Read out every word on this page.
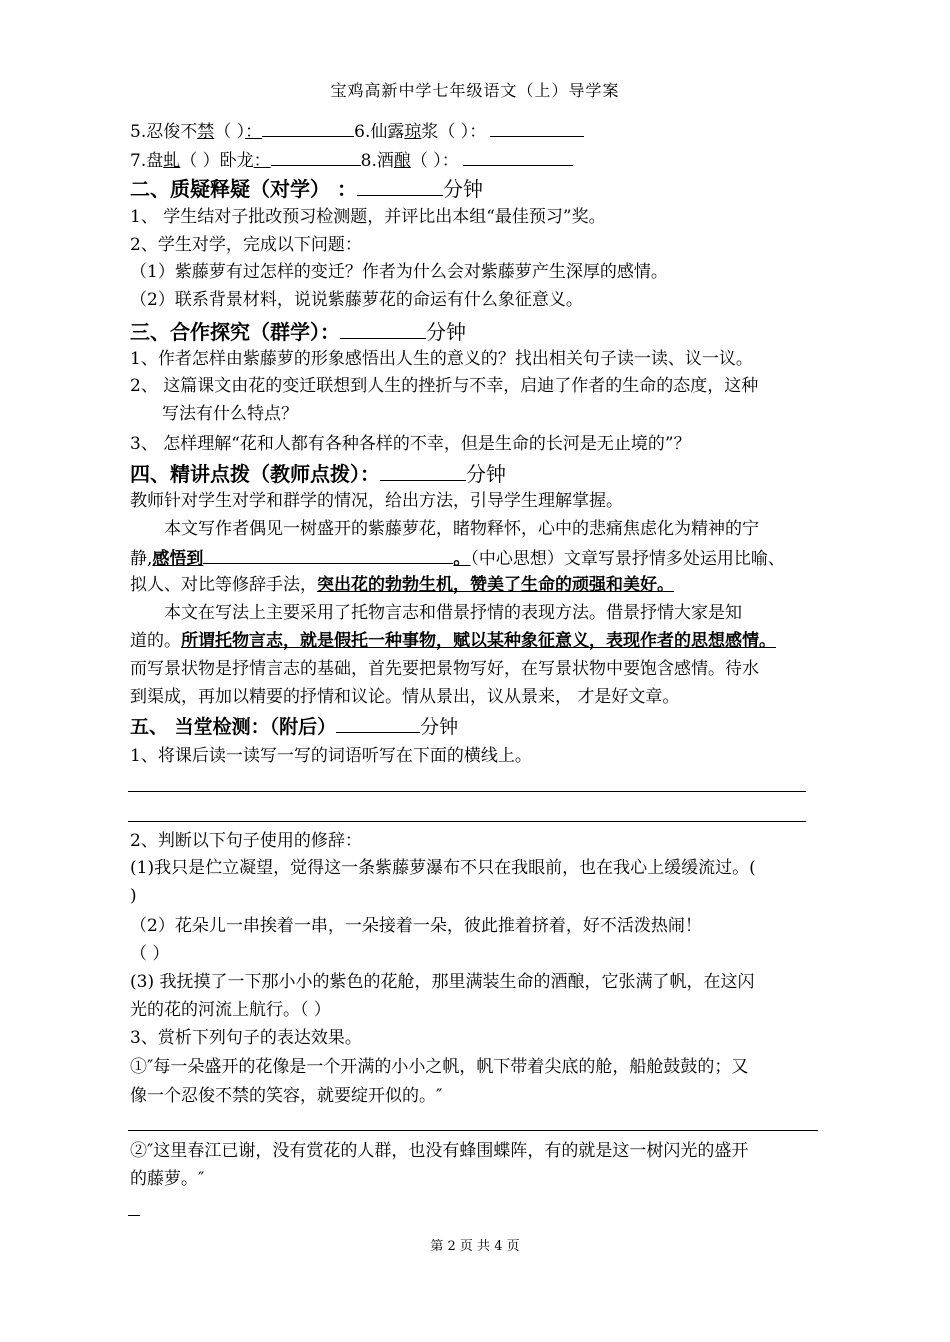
宝鸡高新中学七年级语文（上）导学案
5.忍俊不禁（ ）：	6.仙露琼浆（ ）：
7.盘虬（ ）卧龙：	8.酒酿（ ）：
二、质疑释疑（对学） ：	分钟
1、 学生结对子批改预习检测题，并评比出本组“最佳预习”奖。
2、学生对学，完成以下问题：
（1）紫藤萝有过怎样的变迁？作者为什么会对紫藤萝产生深厚的感情。
（2）联系背景材料，说说紫藤萝花的命运有什么象征意义。
三、合作探究（群学）：	分钟
1、作者怎样由紫藤萝的形象感悟出人生的意义的？找出相关句子读一读、议一议。
2、 这篇课文由花的变迁联想到人生的挫折与不幸，启迪了作者的生命的态度，这种
写法有什么特点？
3、 怎样理解“花和人都有各种各样的不幸，但是生命的长河是无止境的”？
四、精讲点拨（教师点拨）：	分钟
教师针对学生对学和群学的情况，给出方法，引导学生理解掌握。
本文写作者偶见一树盛开的紫藤萝花，睹物释怀，心中的悲痛焦虑化为精神的宁
静,感悟到	。（中心思想）文章写景抒情多处运用比喻、
拟人、对比等修辞手法，突出花的勃勃生机，赞美了生命的顽强和美好。
本文在写法上主要采用了托物言志和借景抒情的表现方法。借景抒情大家是知
道的。所谓托物言志，就是假托一种事物，赋以某种象征意义，表现作者的思想感情。
而写景状物是抒情言志的基础，首先要把景物写好，在写景状物中要饱含感情。待水
到渠成，再加以精要的抒情和议论。情从景出，议从景来， 才是好文章。
五、 当堂检测：（附后）	分钟
1、将课后读一读写一写的词语听写在下面的横线上。
2、判断以下句子使用的修辞：
(1)我只是伫立凝望，觉得这一条紫藤萝瀑布不只在我眼前，也在我心上缓缓流过。(
)
（2）花朵儿一串挨着一串，一朵接着一朵，彼此推着挤着，好不活泼热闹！
（ ）
(3) 我抚摸了一下那小小的紫色的花舱，那里满装生命的酒酿，它张满了帆，在这闪
光的花的河流上航行。（ ）
3、赏析下列句子的表达效果。
①″每一朵盛开的花像是一个开满的小小之帆，帆下带着尖底的舱，船舱鼓鼓的；又
像一个忍俊不禁的笑容，就要绽开似的。″
②″这里春江已谢，没有赏花的人群，也没有蜂围蝶阵，有的就是这一树闪光的盛开
的藤萝。″
第 2 页 共 4 页
